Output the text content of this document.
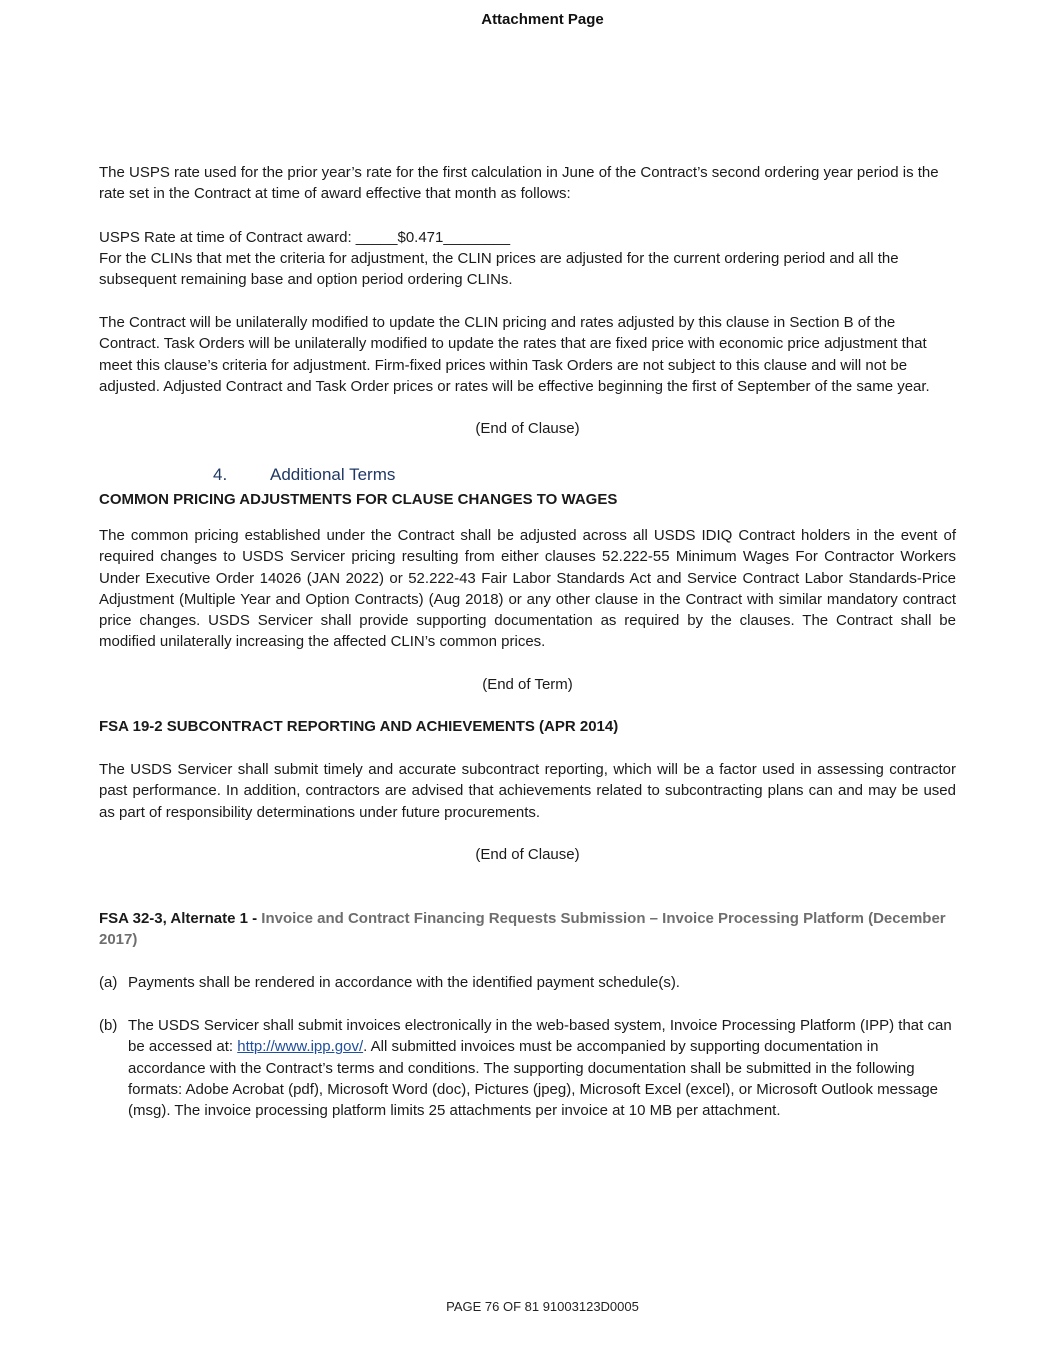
Attachment Page

The USPS rate used for the prior year’s rate for the first calculation in June of the Contract’s second ordering year period is the rate set in the Contract at time of award effective that month as follows:

USPS Rate at time of Contract award: _____$0.471________

For the CLINs that met the criteria for adjustment, the CLIN prices are adjusted for the current ordering period and all the subsequent remaining base and option period ordering CLINs.

The Contract will be unilaterally modified to update the CLIN pricing and rates adjusted by this clause in Section B of the Contract. Task Orders will be unilaterally modified to update the rates that are fixed price with economic price adjustment that meet this clause’s criteria for adjustment. Firm-fixed prices within Task Orders are not subject to this clause and will not be adjusted. Adjusted Contract and Task Order prices or rates will be effective beginning the first of September of the same year.

(End of Clause)
4.	Additional Terms
COMMON PRICING ADJUSTMENTS FOR CLAUSE CHANGES TO WAGES

The common pricing established under the Contract shall be adjusted across all USDS IDIQ Contract holders in the event of required changes to USDS Servicer pricing resulting from either clauses 52.222-55 Minimum Wages For Contractor Workers Under Executive Order 14026 (JAN 2022) or 52.222-43 Fair Labor Standards Act and Service Contract Labor Standards-Price Adjustment (Multiple Year and Option Contracts) (Aug 2018) or any other clause in the Contract with similar mandatory contract price changes. USDS Servicer shall provide supporting documentation as required by the clauses. The Contract shall be modified unilaterally increasing the affected CLIN’s common prices.

(End of Term)
FSA 19-2 SUBCONTRACT REPORTING AND ACHIEVEMENTS (APR 2014)

The USDS Servicer shall submit timely and accurate subcontract reporting, which will be a factor used in assessing contractor past performance. In addition, contractors are advised that achievements related to subcontracting plans can and may be used as part of responsibility determinations under future procurements.

(End of Clause)

FSA 32-3, Alternate 1 - Invoice and Contract Financing Requests Submission – Invoice Processing Platform (December 2017)

(a) Payments shall be rendered in accordance with the identified payment schedule(s).
(b) The USDS Servicer shall submit invoices electronically in the web-based system, Invoice Processing Platform (IPP) that can be accessed at: http://www.ipp.gov/. All submitted invoices must be accompanied by supporting documentation in accordance with the Contract’s terms and conditions. The supporting documentation shall be submitted in the following formats: Adobe Acrobat (pdf), Microsoft Word (doc), Pictures (jpeg), Microsoft Excel (excel), or Microsoft Outlook message (msg). The invoice processing platform limits 25 attachments per invoice at 10 MB per attachment.
PAGE 76 OF 81 91003123D0005
